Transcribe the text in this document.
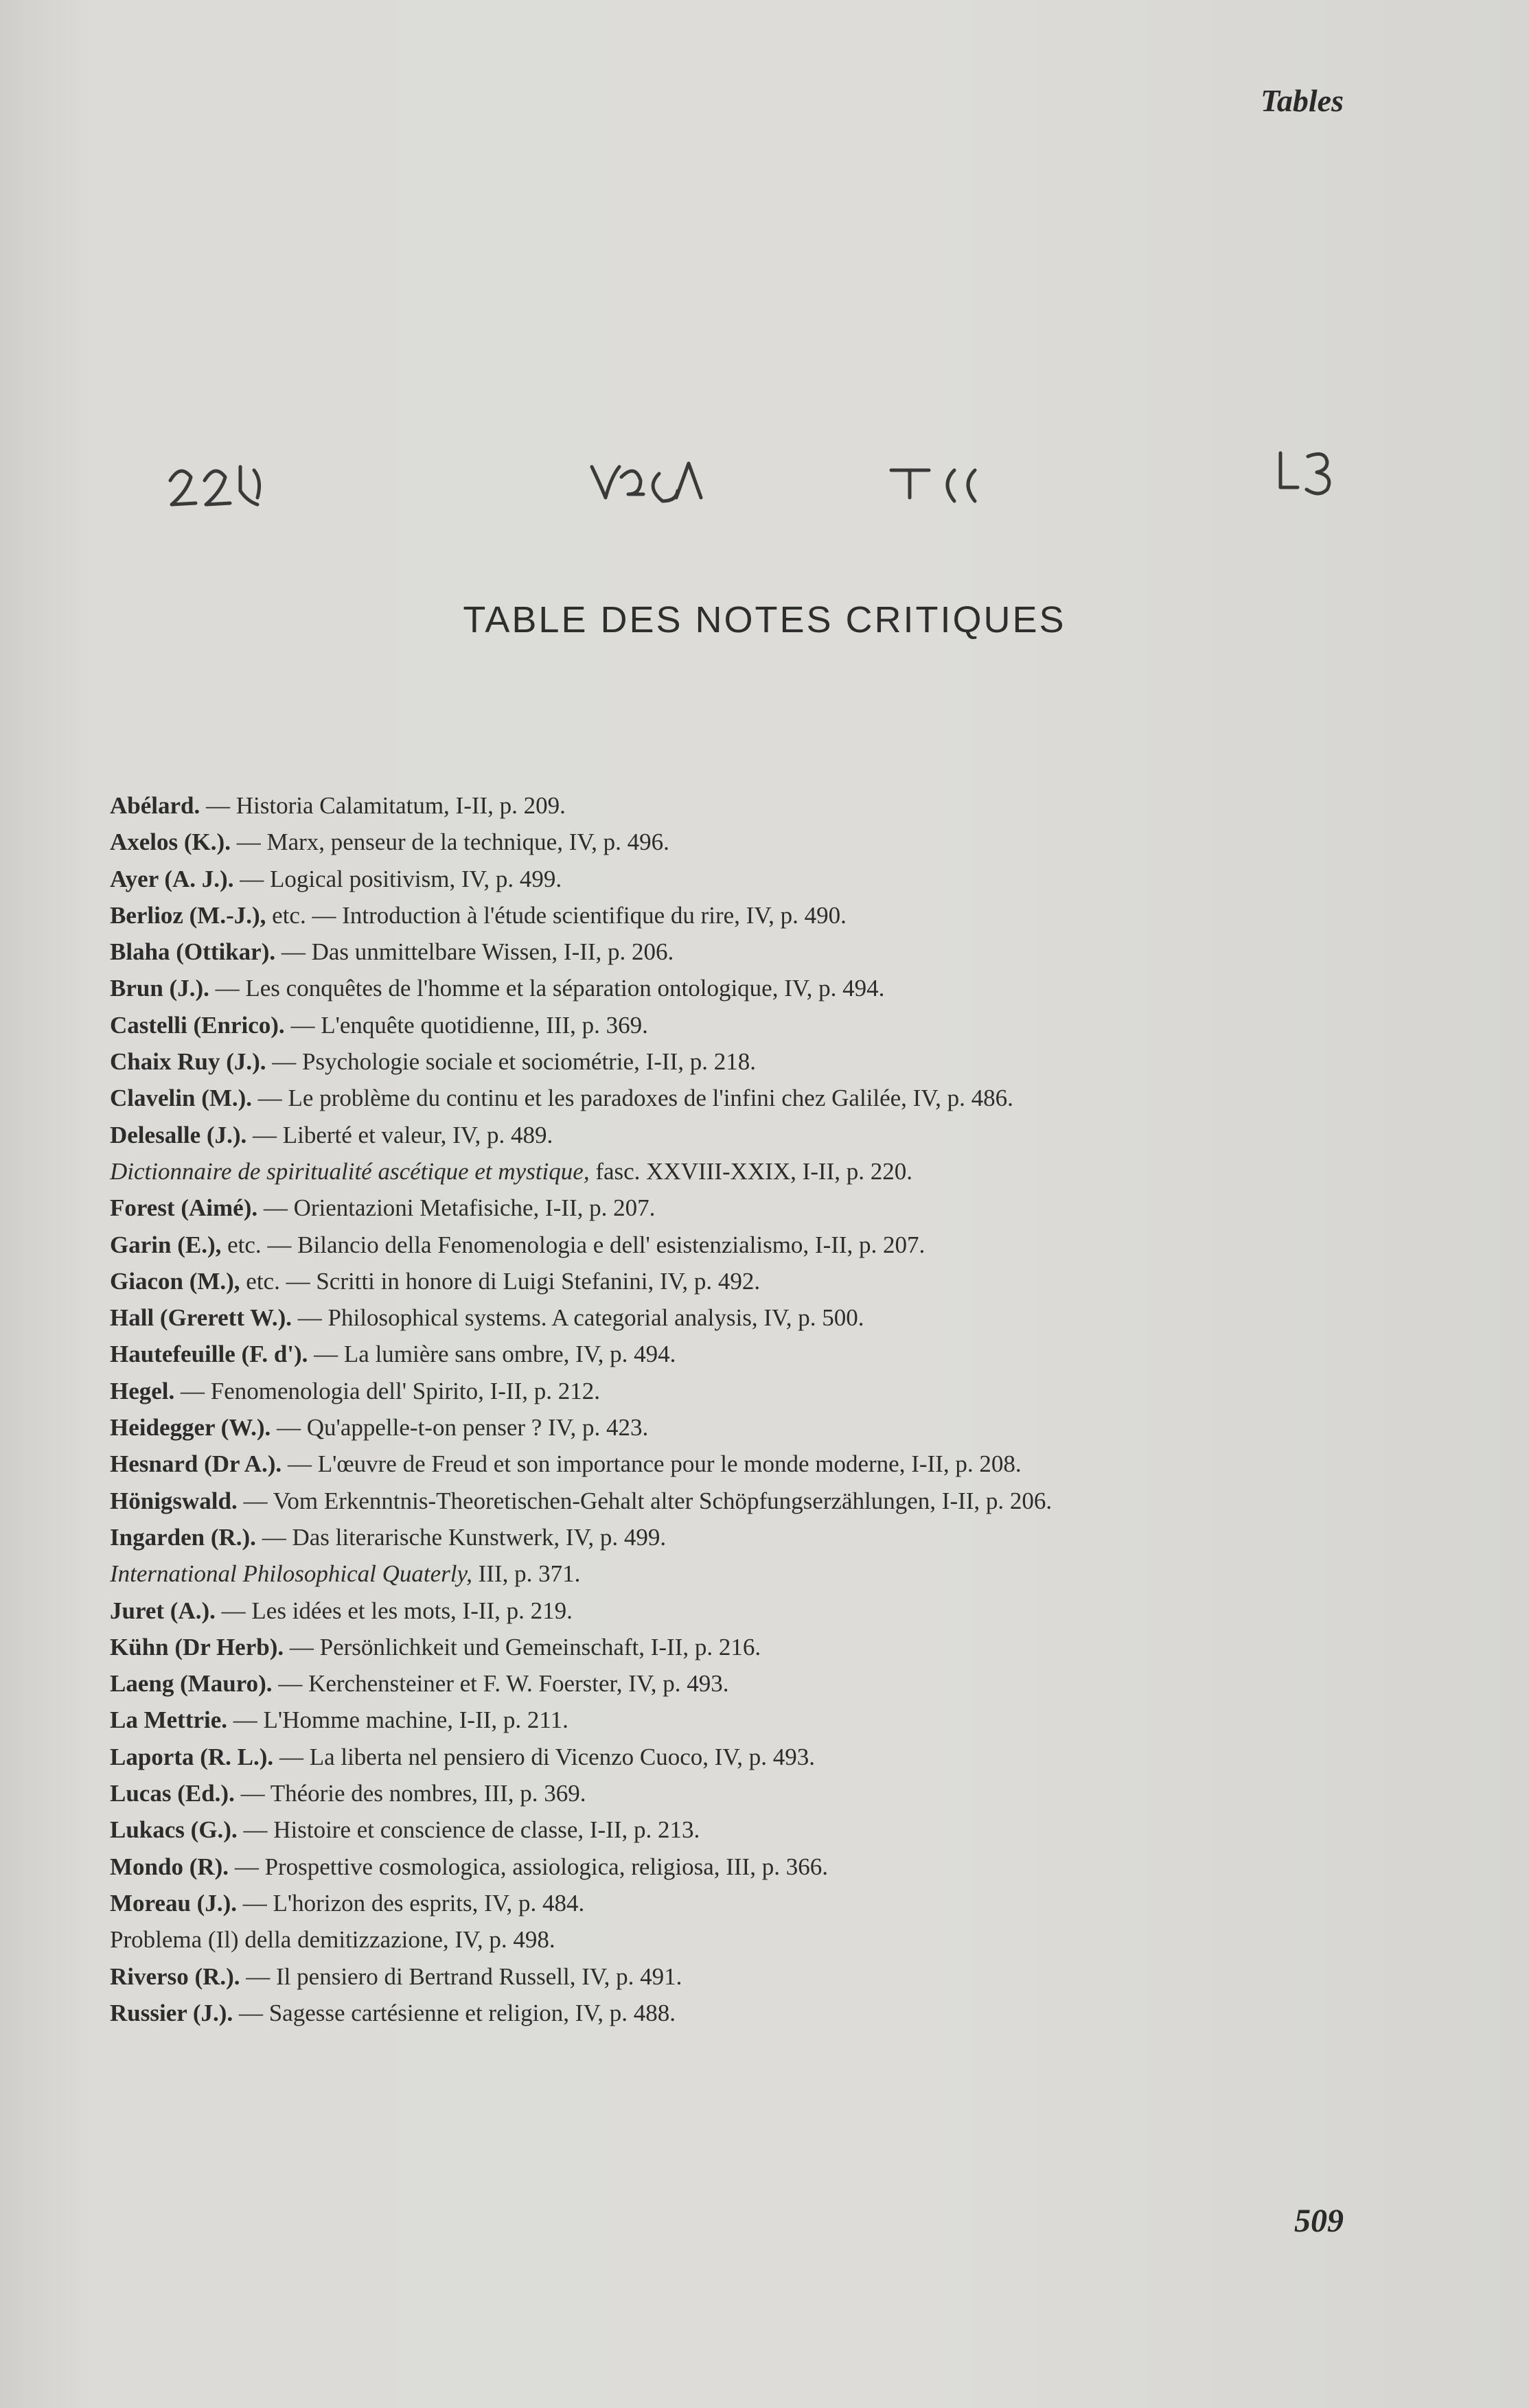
Tables
TABLE DES NOTES CRITIQUES
Abélard. — Historia Calamitatum, I-II, p. 209.
Axelos (K.). — Marx, penseur de la technique, IV, p. 496.
Ayer (A. J.). — Logical positivism, IV, p. 499.
Berlioz (M.-J.), etc. — Introduction à l'étude scientifique du rire, IV, p. 490.
Blaha (Ottikar). — Das unmittelbare Wissen, I-II, p. 206.
Brun (J.). — Les conquêtes de l'homme et la séparation ontologique, IV, p. 494.
Castelli (Enrico). — L'enquête quotidienne, III, p. 369.
Chaix Ruy (J.). — Psychologie sociale et sociométrie, I-II, p. 218.
Clavelin (M.). — Le problème du continu et les paradoxes de l'infini chez Galilée, IV, p. 486.
Delesalle (J.). — Liberté et valeur, IV, p. 489.
Dictionnaire de spiritualité ascétique et mystique, fasc. XXVIII-XXIX, I-II, p. 220.
Forest (Aimé). — Orientazioni Metafisiche, I-II, p. 207.
Garin (E.), etc. — Bilancio della Fenomenologia e dell' esistenzialismo, I-II, p. 207.
Giacon (M.), etc. — Scritti in honore di Luigi Stefanini, IV, p. 492.
Hall (Grerett W.). — Philosophical systems. A categorial analysis, IV, p. 500.
Hautefeuille (F. d'). — La lumière sans ombre, IV, p. 494.
Hegel. — Fenomenologia dell' Spirito, I-II, p. 212.
Heidegger (W.). — Qu'appelle-t-on penser ? IV, p. 423.
Hesnard (Dr A.). — L'œuvre de Freud et son importance pour le monde moderne, I-II, p. 208.
Hönigswald. — Vom Erkenntnis-Theoretischen-Gehalt alter Schöpfungserzählungen, I-II, p. 206.
Ingarden (R.). — Das literarische Kunstwerk, IV, p. 499.
International Philosophical Quaterly, III, p. 371.
Juret (A.). — Les idées et les mots, I-II, p. 219.
Kühn (Dr Herb). — Persönlichkeit und Gemeinschaft, I-II, p. 216.
Laeng (Mauro). — Kerchensteiner et F. W. Foerster, IV, p. 493.
La Mettrie. — L'Homme machine, I-II, p. 211.
Laporta (R. L.). — La liberta nel pensiero di Vicenzo Cuoco, IV, p. 493.
Lucas (Ed.). — Théorie des nombres, III, p. 369.
Lukacs (G.). — Histoire et conscience de classe, I-II, p. 213.
Mondo (R). — Prospettive cosmologica, assiologica, religiosa, III, p. 366.
Moreau (J.). — L'horizon des esprits, IV, p. 484.
Problema (Il) della demitizzazione, IV, p. 498.
Riverso (R.). — Il pensiero di Bertrand Russell, IV, p. 491.
Russier (J.). — Sagesse cartésienne et religion, IV, p. 488.
509
